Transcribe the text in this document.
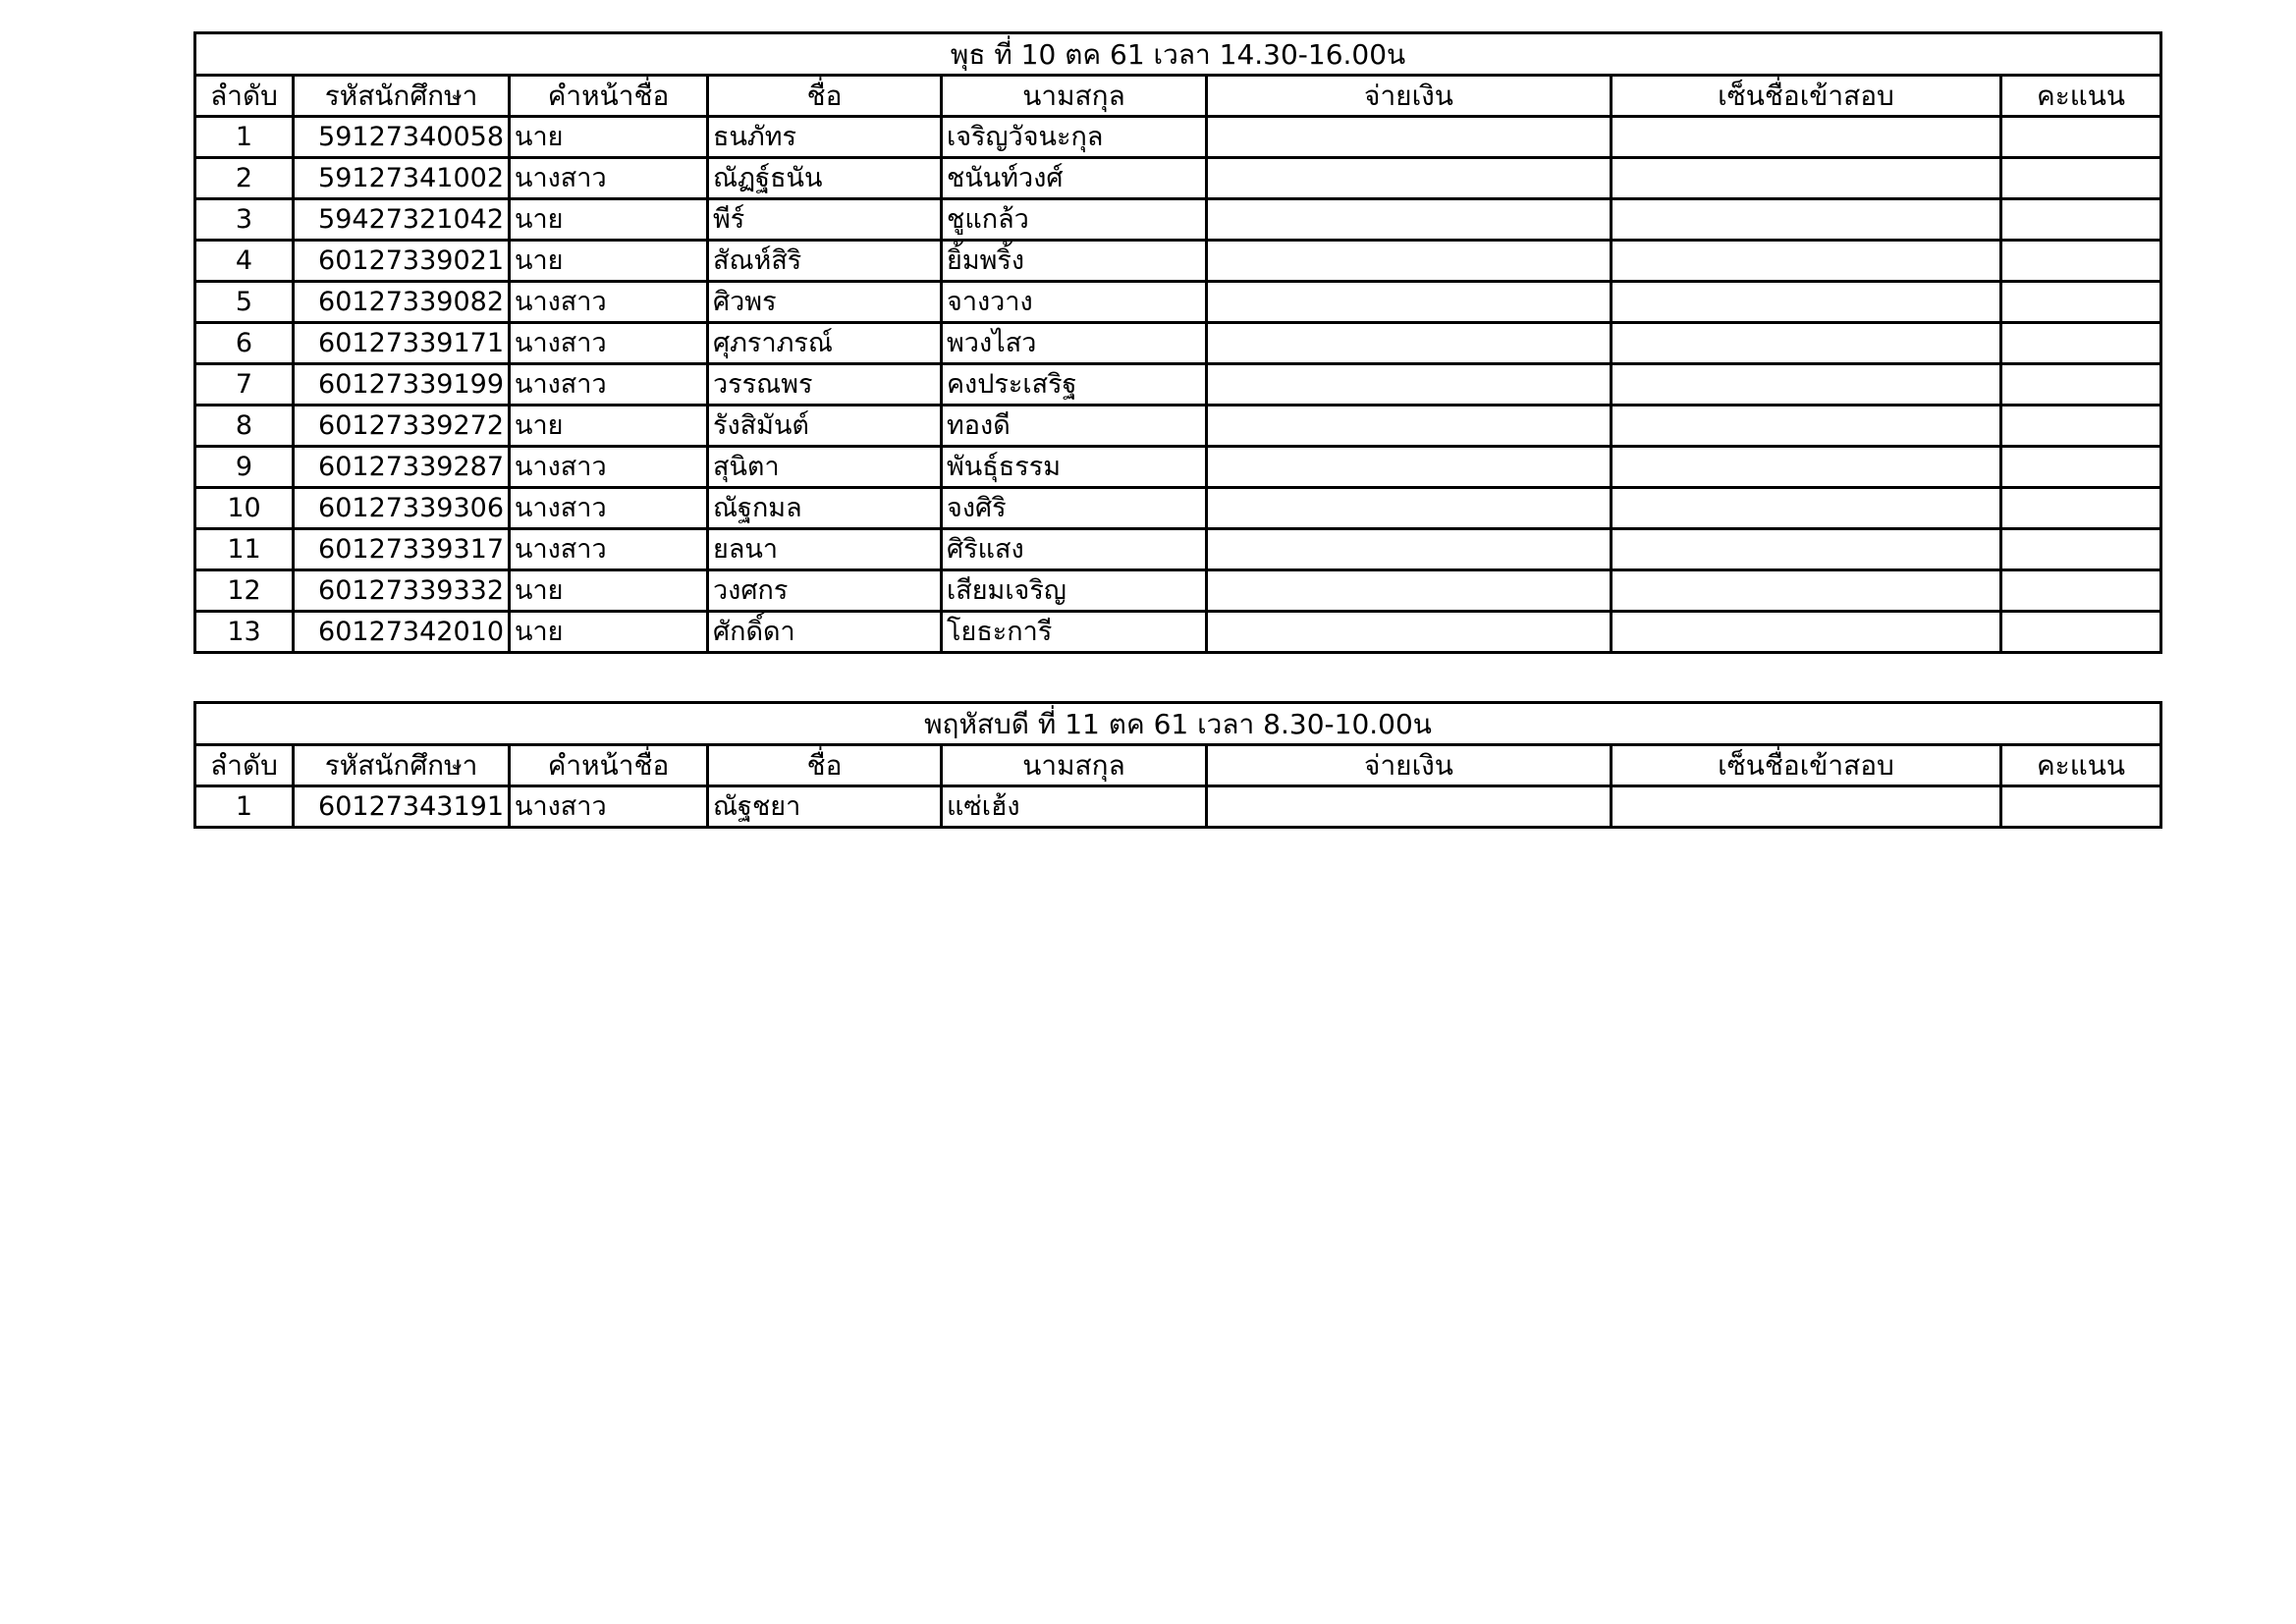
พุธ ที่ 10 ตค 61 เวลา 14.30-16.00น							
ลำดับ	รหัสนักศึกษา	คำหน้าชื่อ	ชื่อ	นามสกุล	จ่ายเงิน	เซ็นชื่อเข้าสอบ	คะแนน
1	59127340058	นาย	ธนภัทร	เจริญวัจนะกุล			
2	59127341002	นางสาว	ณัฏฐ์ธนัน	ชนันท์วงศ์			
3	59427321042	นาย	พีร์	ชูแกล้ว			
4	60127339021	นาย	สัณห์สิริ	ยิ้มพริ้ง			
5	60127339082	นางสาว	ศิวพร	จางวาง			
6	60127339171	นางสาว	ศุภราภรณ์	พวงไสว			
7	60127339199	นางสาว	วรรณพร	คงประเสริฐ			
8	60127339272	นาย	รังสิมันต์	ทองดี			
9	60127339287	นางสาว	สุนิตา	พันธุ์ธรรม			
10	60127339306	นางสาว	ณัฐกมล	จงศิริ			
11	60127339317	นางสาว	ยลนา	ศิริแสง			
12	60127339332	นาย	วงศกร	เสียมเจริญ			
13	60127342010	นาย	ศักดิ์ดา	โยธะการี			
พฤหัสบดี ที่ 11 ตค 61 เวลา 8.30-10.00น							
ลำดับ	รหัสนักศึกษา	คำหน้าชื่อ	ชื่อ	นามสกุล	จ่ายเงิน	เซ็นชื่อเข้าสอบ	คะแนน
1	60127343191	นางสาว	ณัฐชยา	แซ่เฮ้ง			
